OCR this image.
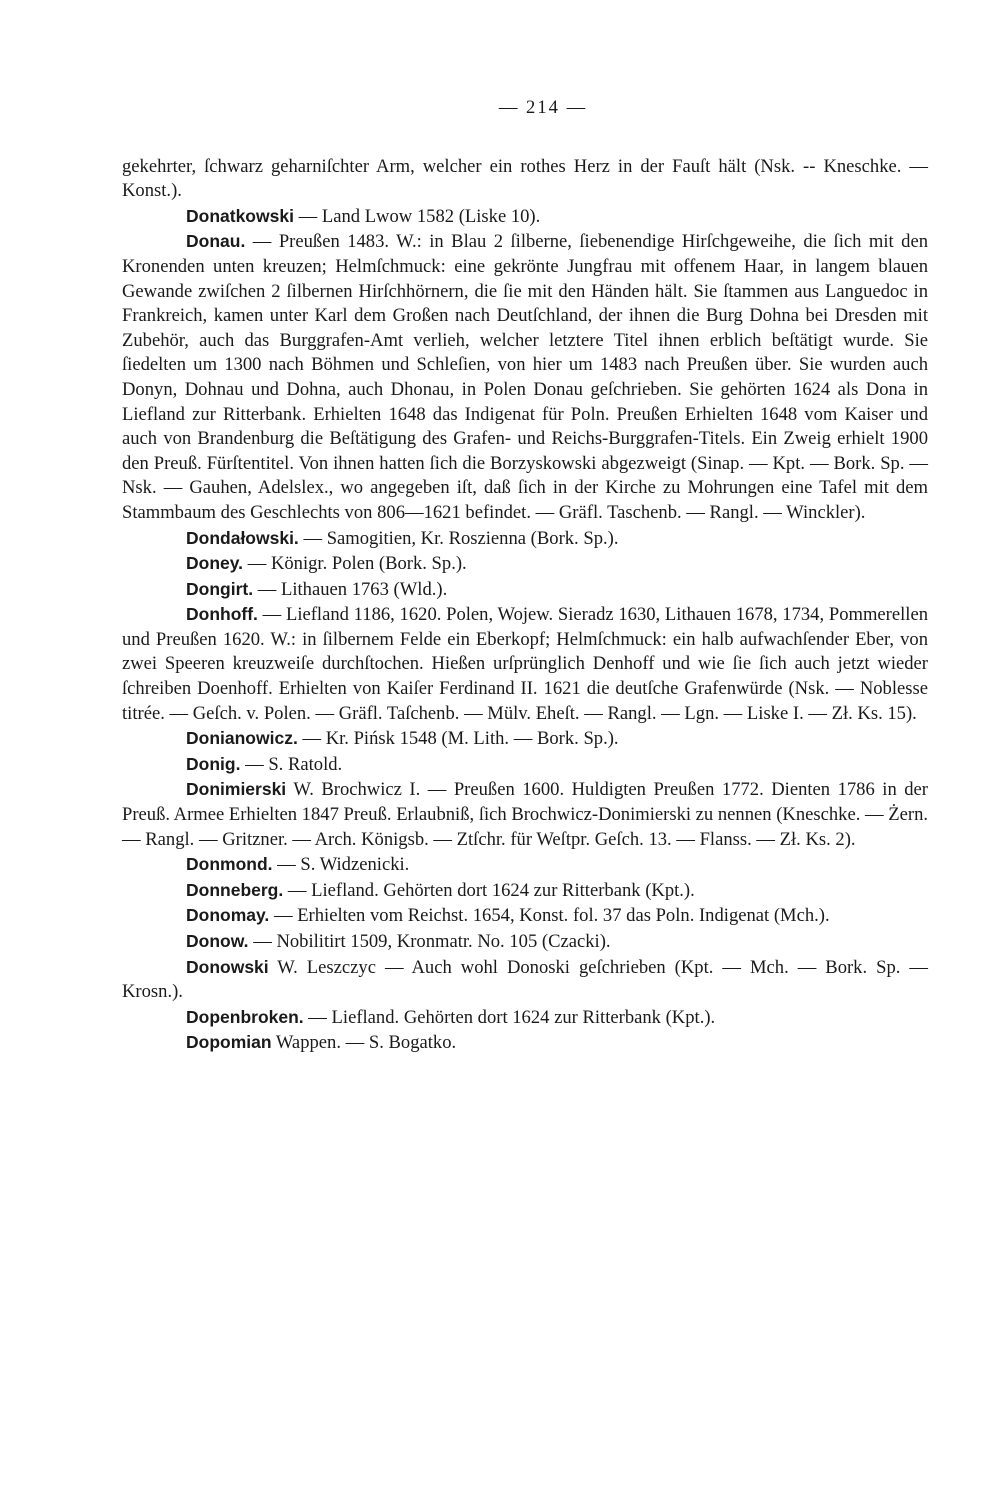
— 214 —

gekehrter, ſchwarz geharniſchter Arm, welcher ein rothes Herz in der Fauſt hält (Nsk. -- Kneschke. — Konst.).

Donatkowski — Land Lwow 1582 (Liske 10).

Donau. — Preußen 1483. W.: in Blau 2 ſilberne, ſiebenendige Hirſchgeweihe, die ſich mit den Kronenden unten kreuzen; Helmſchmuck: eine gekrönte Jungfrau mit offenem Haar, in langem blauen Gewande zwiſchen 2 ſilbernen Hirſchhörnern, die ſie mit den Händen hält. Sie ſtammen aus Languedoc in Frankreich, kamen unter Karl dem Großen nach Deutſchland, der ihnen die Burg Dohna bei Dresden mit Zubehör, auch das Burggrafen-Amt verlieh, welcher letztere Titel ihnen erblich beſtätigt wurde. Sie ſiedelten um 1300 nach Böhmen und Schleſien, von hier um 1483 nach Preußen über. Sie wurden auch Donyn, Dohnau und Dohna, auch Dhonau, in Polen Donau geſchrieben. Sie gehörten 1624 als Dona in Liefland zur Ritterbank. Erhielten 1648 das Indigenat für Poln. Preußen Erhielten 1648 vom Kaiser und auch von Brandenburg die Beſtätigung des Grafen- und Reichs-Burggrafen-Titels. Ein Zweig erhielt 1900 den Preuß. Fürſtentitel. Von ihnen hatten ſich die Borzyskowski abgezweigt (Sinap. — Kpt. — Bork. Sp. — Nsk. — Gauhen, Adelslex., wo angegeben iſt, daß ſich in der Kirche zu Mohrungen eine Tafel mit dem Stammbaum des Geschlechts von 806—1621 befindet. — Gräfl. Taschenb. — Rangl. — Winckler).

Dondałowski. — Samogitien, Kr. Rosziennа (Bork. Sp.).

Doney. — Königr. Polen (Bork. Sp.).

Dongirt. — Lithauen 1763 (Wld.).

Donhoff. — Liefland 1186, 1620. Polen, Wojew. Sieradz 1630, Lithauen 1678, 1734, Pommerellen und Preußen 1620. W.: in ſilbernem Felde ein Eberkopf; Helmſchmuck: ein halb aufwachſender Eber, von zwei Speeren kreuzweiſe durchſtochen. Hießen urſprünglich Denhoff und wie ſie ſich auch jetzt wieder ſchreiben Doenhoff. Erhielten von Kaiſer Ferdinand II. 1621 die deutſche Grafenwürde (Nsk. — Noblesse titrée. — Geſch. v. Polen. — Gräfl. Taſchenb. — Mülv. Eheſt. — Rangl. — Lgn. — Liske I. — Zł. Ks. 15).

Donianowicz. — Kr. Pińsk 1548 (M. Lith. — Bork. Sp.).

Donig. — S. Ratold.

Donimierski W. Brochwicz I. — Preußen 1600. Huldigten Preußen 1772. Dienten 1786 in der Preuß. Armee Erhielten 1847 Preuß. Erlaubniß, ſich Brochwicz-Donimierski zu nennen (Kneschke. — Żern. — Rangl. — Gritzner. — Arch. Königsb. — Ztſchr. für Weſtpr. Geſch. 13. — Flanss. — Zł. Ks. 2).

Donmond. — S. Widzenicki.

Donneberg. — Liefland. Gehörten dort 1624 zur Ritterbank (Kpt.).

Donomay. — Erhielten vom Reichst. 1654, Konst. fol. 37 das Poln. Indigenat (Mch.).

Donow. — Nobilitirt 1509, Kronmatr. No. 105 (Czacki).

Donowski W. Leszczyc — Auch wohl Donoski geſchrieben (Kpt. — Mch. — Bork. Sp. — Krosn.).

Dopenbroken. — Liefland. Gehörten dort 1624 zur Ritterbank (Kpt.).

Dopomian Wappen. — S. Bogatko.
